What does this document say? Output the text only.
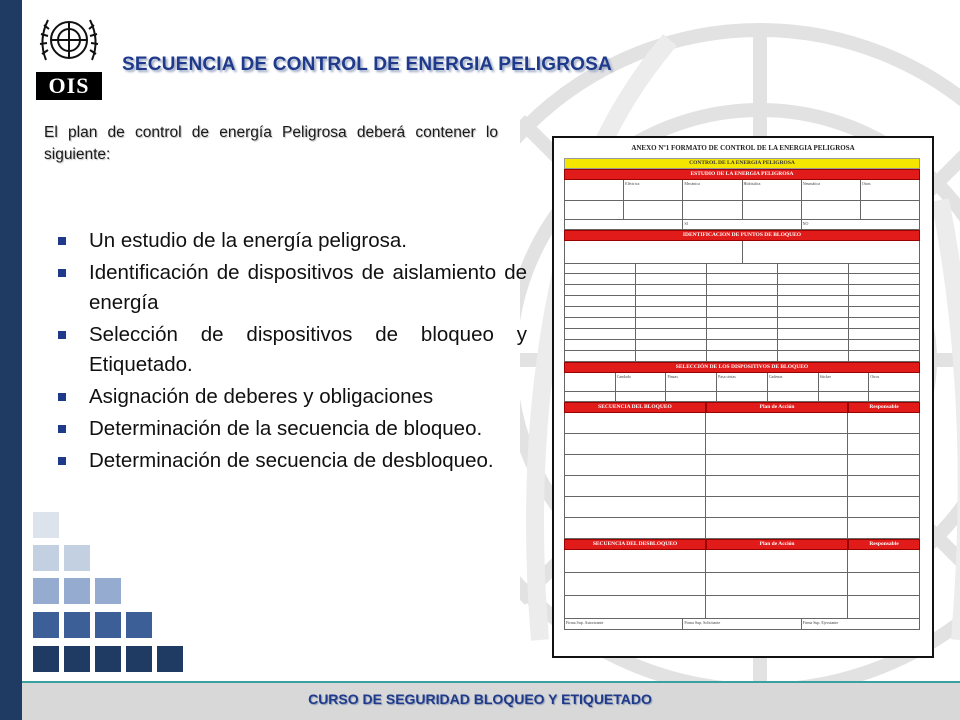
OIS
SECUENCIA DE CONTROL DE ENERGIA PELIGROSA
El plan de control de energía Peligrosa deberá contener lo siguiente:
Un estudio de la energía peligrosa.
Identificación de dispositivos de aislamiento de energía
Selección de dispositivos de bloqueo y Etiquetado.
Asignación de deberes y obligaciones
Determinación de la secuencia de bloqueo.
Determinación de secuencia de desbloqueo.
ANEXO Nº1 FORMATO DE CONTROL DE LA ENERGIA PELIGROSA
CONTROL DE LA ENERGIA PELIGROSA
ESTUDIO DE LA ENERGIA PELIGROSA
Eléctrica	Mecánica	Hidráulica	Neumática	Otras
SI	NO
IDENTIFICACION DE PUNTOS DE BLOQUEO
SELECCIÓN DE LOS DISPOSITIVOS DE BLOQUEO
Candado	Pinzas	Pasa cintas	Cadenas	Sticker	Otros
SECUENCIA DEL BLOQUEO	Plan de Acción	Responsable
SECUENCIA DEL DESBLOQUEO	Plan de Acción	Responsable
Firma Sup. Autorizante	Firma Sup. Solicitante	Firma Sup. Ejecutante
CURSO DE SEGURIDAD BLOQUEO Y ETIQUETADO
